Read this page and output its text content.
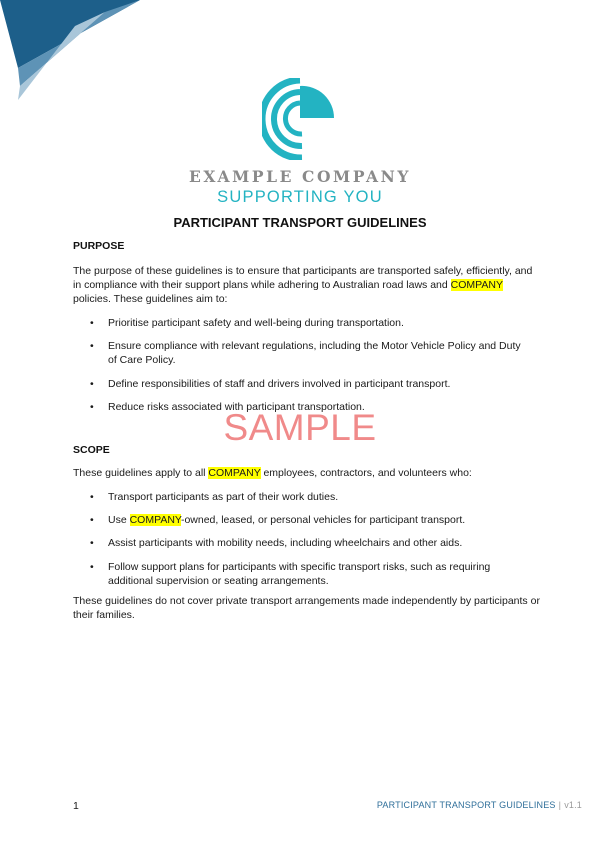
EXAMPLE COMPANY
SUPPORTING YOU
PARTICIPANT TRANSPORT GUIDELINES
PURPOSE
The purpose of these guidelines is to ensure that participants are transported safely, efficiently, and in compliance with their support plans while adhering to Australian road laws and COMPANY policies. These guidelines aim to:
• Prioritise participant safety and well-being during transportation.
• Ensure compliance with relevant regulations, including the Motor Vehicle Policy and Duty of Care Policy.
• Define responsibilities of staff and drivers involved in participant transport.
• Reduce risks associated with participant transportation.
SAMPLE
SCOPE
These guidelines apply to all COMPANY employees, contractors, and volunteers who:
• Transport participants as part of their work duties.
• Use COMPANY-owned, leased, or personal vehicles for participant transport.
• Assist participants with mobility needs, including wheelchairs and other aids.
• Follow support plans for participants with specific transport risks, such as requiring additional supervision or seating arrangements.
These guidelines do not cover private transport arrangements made independently by participants or their families.
1	PARTICIPANT TRANSPORT GUIDELINES | v1.1
